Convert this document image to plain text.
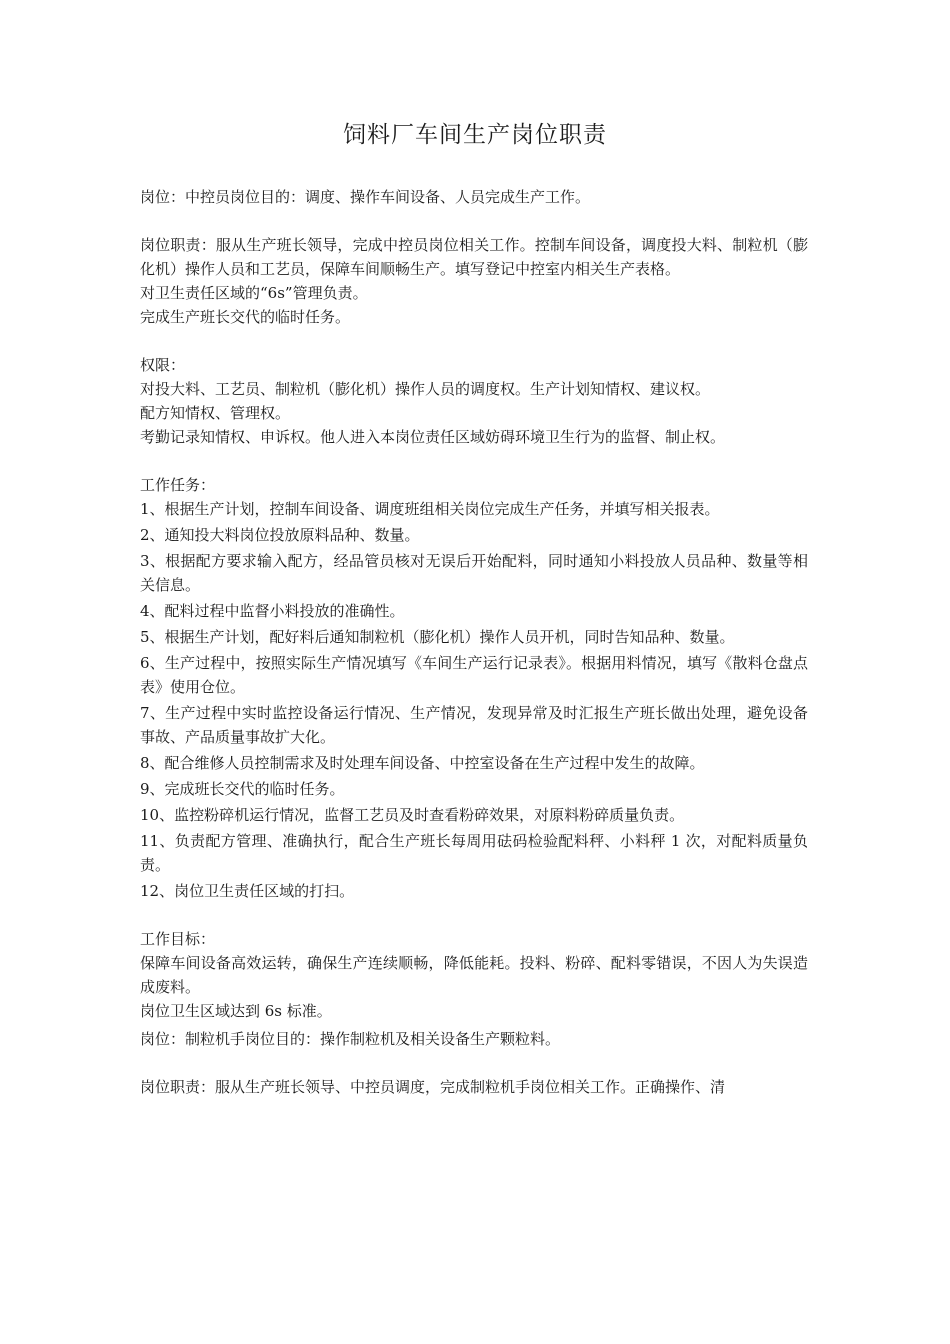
饲料厂车间生产岗位职责

岗位：中控员岗位目的：调度、操作车间设备、人员完成生产工作。

岗位职责：服从生产班长领导，完成中控员岗位相关工作。控制车间设备，调度投大料、制粒机（膨化机）操作人员和工艺员，保障车间顺畅生产。填写登记中控室内相关生产表格。

对卫生责任区域的“6s”管理负责。

完成生产班长交代的临时任务。

权限：

对投大料、工艺员、制粒机（膨化机）操作人员的调度权。生产计划知情权、建议权。

配方知情权、管理权。

考勤记录知情权、申诉权。他人进入本岗位责任区域妨碍环境卫生行为的监督、制止权。

工作任务：

1、根据生产计划，控制车间设备、调度班组相关岗位完成生产任务，并填写相关报表。

2、通知投大料岗位投放原料品种、数量。

3、根据配方要求输入配方，经品管员核对无误后开始配料，同时通知小料投放人员品种、数量等相关信息。

4、配料过程中监督小料投放的准确性。

5、根据生产计划，配好料后通知制粒机（膨化机）操作人员开机，同时告知品种、数量。

6、生产过程中，按照实际生产情况填写《车间生产运行记录表》。根据用料情况，填写《散料仓盘点表》使用仓位。

7、生产过程中实时监控设备运行情况、生产情况，发现异常及时汇报生产班长做出处理，避免设备事故、产品质量事故扩大化。

8、配合维修人员控制需求及时处理车间设备、中控室设备在生产过程中发生的故障。

9、完成班长交代的临时任务。

10、监控粉碎机运行情况，监督工艺员及时查看粉碎效果，对原料粉碎质量负责。

11、负责配方管理、准确执行，配合生产班长每周用砝码检验配料秤、小料秤 1 次，对配料质量负责。

12、岗位卫生责任区域的打扫。

工作目标：

保障车间设备高效运转，确保生产连续顺畅，降低能耗。投料、粉碎、配料零错误，不因人为失误造成废料。

岗位卫生区域达到 6s 标准。

岗位：制粒机手岗位目的：操作制粒机及相关设备生产颗粒料。

岗位职责：服从生产班长领导、中控员调度，完成制粒机手岗位相关工作。正确操作、清
